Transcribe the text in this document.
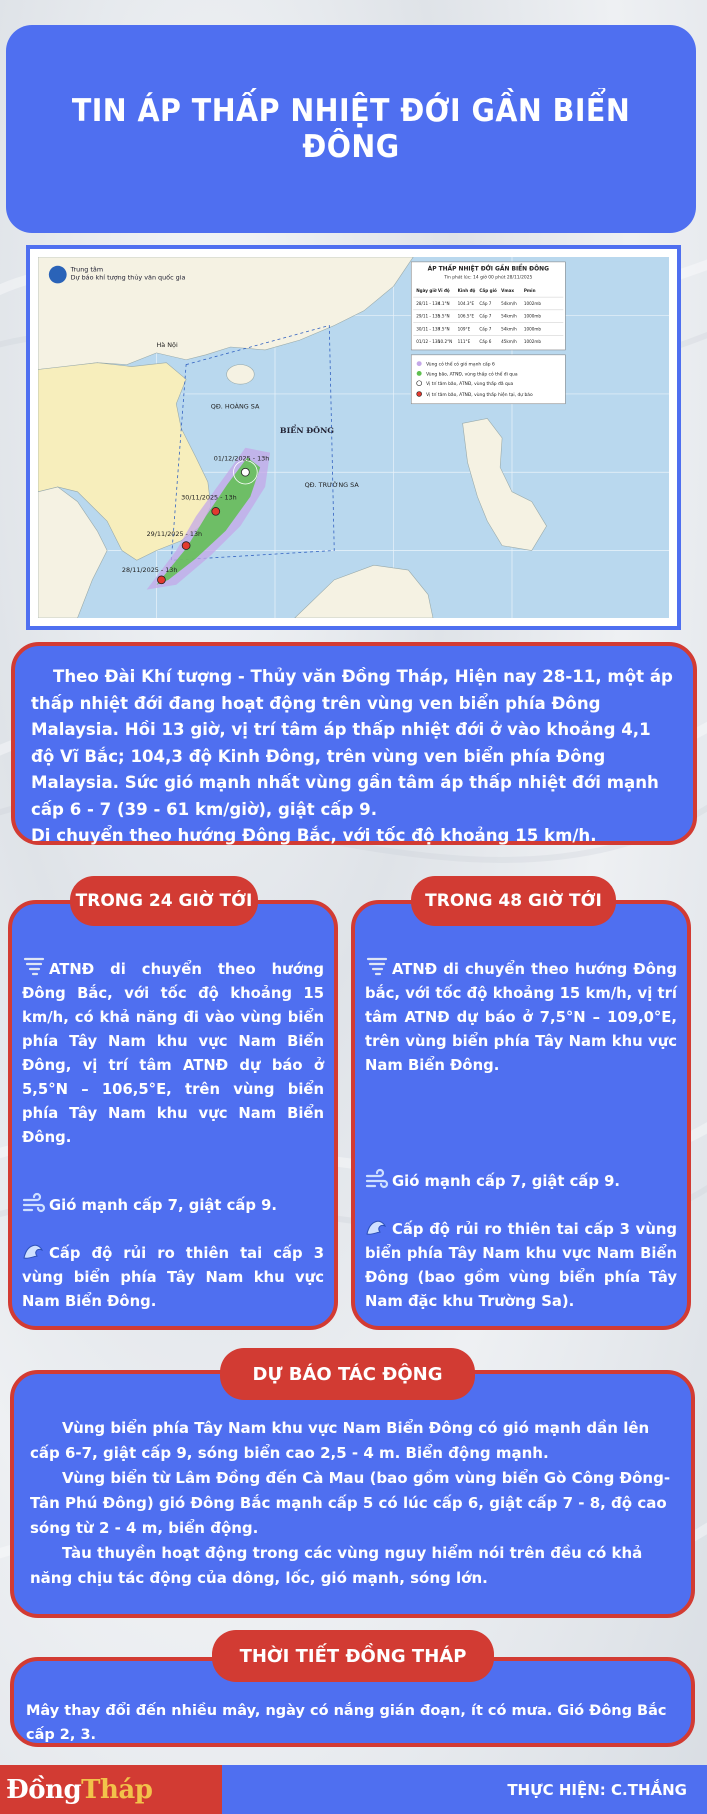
TIN ÁP THẤP NHIỆT ĐỚI GẦN BIỂN ĐÔNG
01/12/2025 - 13h
30/11/2025 - 13h
29/11/2025 - 13h
28/11/2025 - 13h
Hà Nội
QĐ. HOÀNG SA
QĐ. TRƯỜNG SA
BIỂN ĐÔNG
Trung tâm
Dự báo khí tượng thủy văn quốc gia
ÁP THẤP NHIỆT ĐỚI GẦN BIỂN ĐÔNG
Tin phát lúc: 14 giờ 00 phút 28/11/2025
Ngày giờ Vĩ độ Kinh độ Cấp gió Vmax Pmin
28/11 - 13h
4.1°N 104.3°E Cấp 7 54km/h 1002mb
29/11 - 13h
5.5°N 106.5°E Cấp 7 54km/h 1000mb
30/11 - 13h
7.5°N 109°E Cấp 7 54km/h 1000mb
01/12 - 13h
10.2°N 111°E Cấp 6 45km/h 1002mb
Vùng có thể có gió mạnh cấp 6
Vùng bão, ATNĐ, vùng thấp có thể đi qua
Vị trí tâm bão, ATNĐ, vùng thấp đã qua
Vị trí tâm bão, ATNĐ, vùng thấp hiện tại, dự báo

Theo Đài Khí tượng - Thủy văn Đồng Tháp, Hiện nay 28-11, một áp thấp nhiệt đới đang hoạt động trên vùng ven biển phía Đông Malaysia. Hồi 13 giờ, vị trí tâm áp thấp nhiệt đới ở vào khoảng 4,1 độ Vĩ Bắc; 104,3 độ Kinh Đông, trên vùng ven biển phía Đông Malaysia. Sức gió mạnh nhất vùng gần tâm áp thấp nhiệt đới mạnh cấp 6 - 7 (39 - 61 km/giờ), giật cấp 9.

Di chuyển theo hướng Đông Bắc, với tốc độ khoảng 15 km/h.

ATNĐ di chuyển theo hướng Đông Bắc, với tốc độ khoảng 15 km/h, có khả năng đi vào vùng biển phía Tây Nam khu vực Nam Biển Đông, vị trí tâm ATNĐ dự báo ở 5,5°N – 106,5°E, trên vùng biển phía Tây Nam khu vực Nam Biển Đông.
Gió mạnh cấp 7, giật cấp 9.
Cấp độ rủi ro thiên tai cấp 3 vùng biển phía Tây Nam khu vực Nam Biển Đông.
ATNĐ di chuyển theo hướng Đông bắc, với tốc độ khoảng 15 km/h, vị trí tâm ATNĐ dự báo ở 7,5°N – 109,0°E, trên vùng biển phía Tây Nam khu vực Nam Biển Đông.
Gió mạnh cấp 7, giật cấp 9.
Cấp độ rủi ro thiên tai cấp 3 vùng biển phía Tây Nam khu vực Nam Biển Đông (bao gồm vùng biển phía Tây Nam đặc khu Trường Sa).
TRONG 24 GIỜ TỚI	TRONG 48 GIỜ TỚI

Vùng biển phía Tây Nam khu vực Nam Biển Đông có gió mạnh dần lên cấp 6-7, giật cấp 9, sóng biển cao 2,5 - 4 m. Biển động mạnh.

Vùng biển từ Lâm Đồng đến Cà Mau (bao gồm vùng biển Gò Công Đông-Tân Phú Đông) gió Đông Bắc mạnh cấp 5 có lúc cấp 6, giật cấp 7 - 8, độ cao sóng từ 2 - 4 m, biển động.

Tàu thuyền hoạt động trong các vùng nguy hiểm nói trên đều có khả năng chịu tác động của dông, lốc, gió mạnh, sóng lớn.

DỰ BÁO TÁC ĐỘNG

Mây thay đổi đến nhiều mây, ngày có nắng gián đoạn, ít có mưa. Gió Đông Bắc cấp 2, 3.

THỜI TIẾT ĐỒNG THÁP
Đồng Tháp	THỰC HIỆN: C.THẮNG
